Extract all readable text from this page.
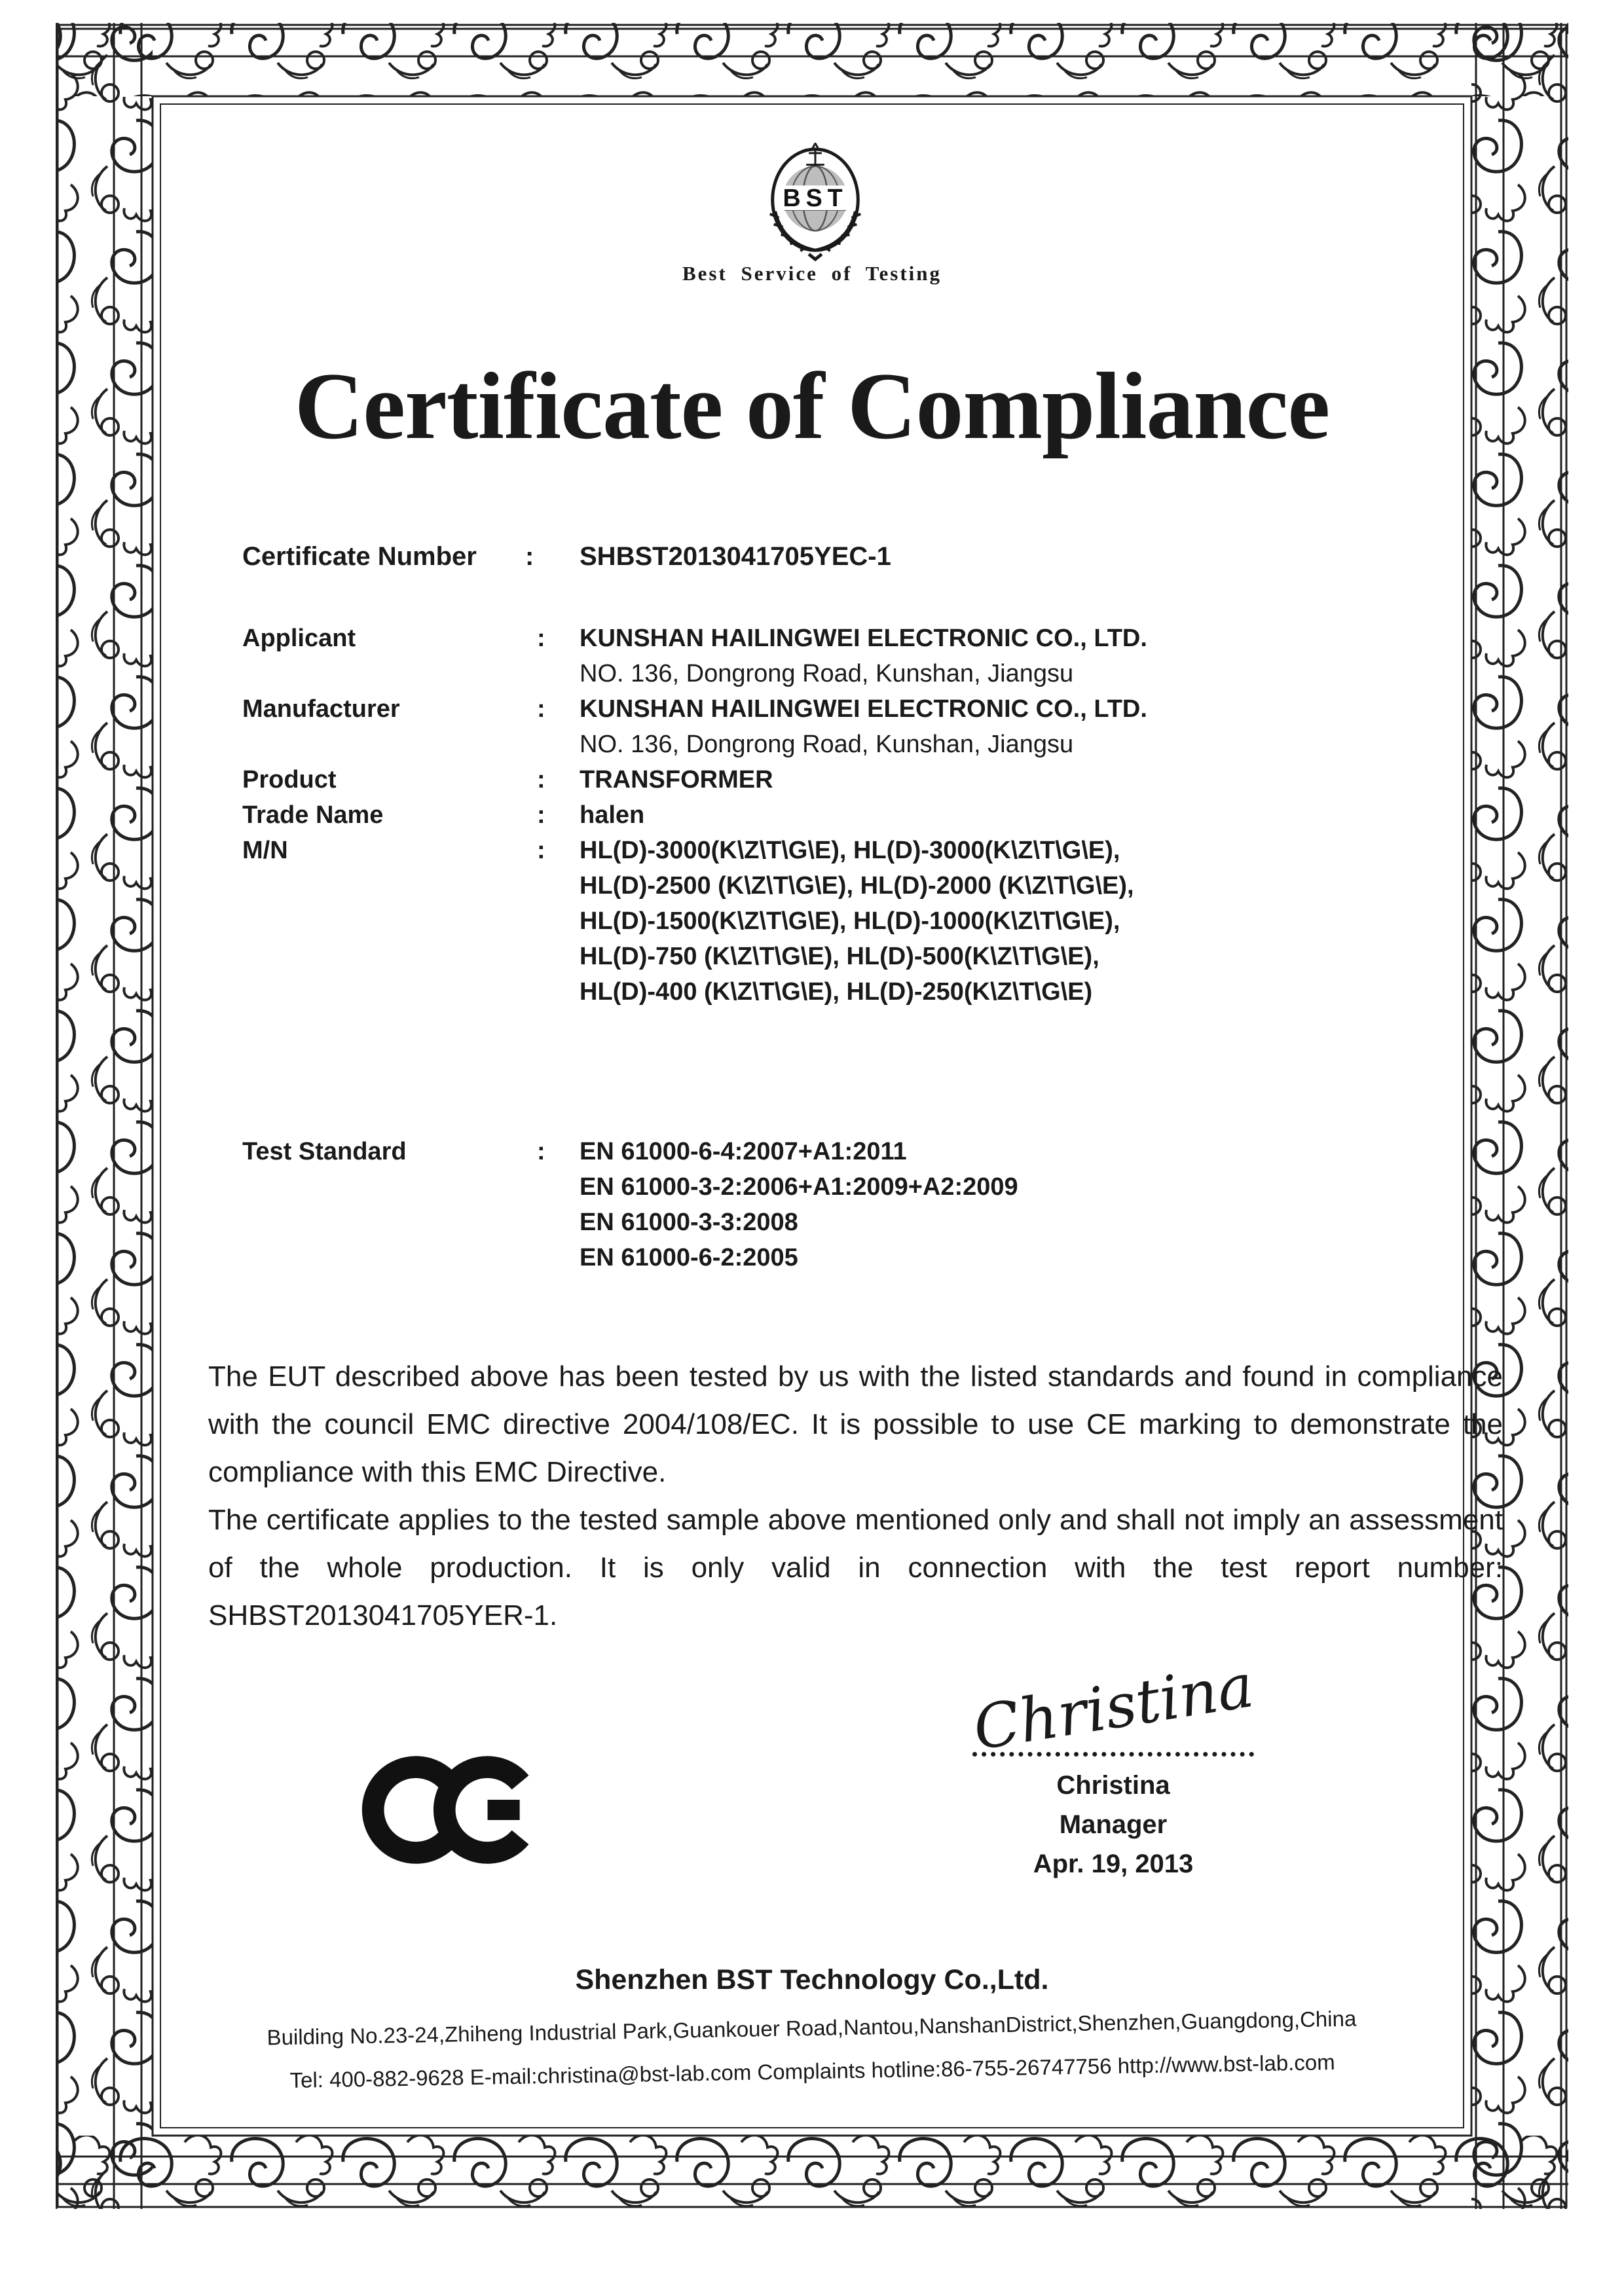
BST
Best Service of Testing
Certificate of Compliance
Certificate Number	:	SHBST2013041705YEC-1
Applicant	:	KUNSHAN HAILINGWEI ELECTRONIC CO., LTD.
NO. 136, Dongrong Road, Kunshan, Jiangsu
Manufacturer	:	KUNSHAN HAILINGWEI ELECTRONIC CO., LTD.
NO. 136, Dongrong Road, Kunshan, Jiangsu
Product	:	TRANSFORMER
Trade Name	:	halen
M/N	:	HL(D)-3000(K\Z\T\G\E), HL(D)-3000(K\Z\T\G\E),
HL(D)-2500 (K\Z\T\G\E), HL(D)-2000 (K\Z\T\G\E),
HL(D)-1500(K\Z\T\G\E), HL(D)-1000(K\Z\T\G\E),
HL(D)-750 (K\Z\T\G\E), HL(D)-500(K\Z\T\G\E),
HL(D)-400 (K\Z\T\G\E), HL(D)-250(K\Z\T\G\E)
Test Standard	:	EN 61000-6-4:2007+A1:2011
EN 61000-3-2:2006+A1:2009+A2:2009
EN 61000-3-3:2008
EN 61000-6-2:2005

The EUT described above has been tested by us with the listed standards and found in compliance with the council EMC directive 2004/108/EC. It is possible to use CE marking to demonstrate the compliance with this EMC Directive.

The certificate applies to the tested sample above mentioned only and shall not imply an assessment of the whole production. It is only valid in connection with the test report number: SHBST2013041705YER-1.

Christina
Christina
Manager
Apr. 19, 2013
Shenzhen BST Technology Co.,Ltd.
Building No.23-24,Zhiheng Industrial Park,Guankouer Road,Nantou,NanshanDistrict,Shenzhen,Guangdong,China
Tel: 400-882-9628 E-mail:christina@bst-lab.com Complaints hotline:86-755-26747756 http://www.bst-lab.com
